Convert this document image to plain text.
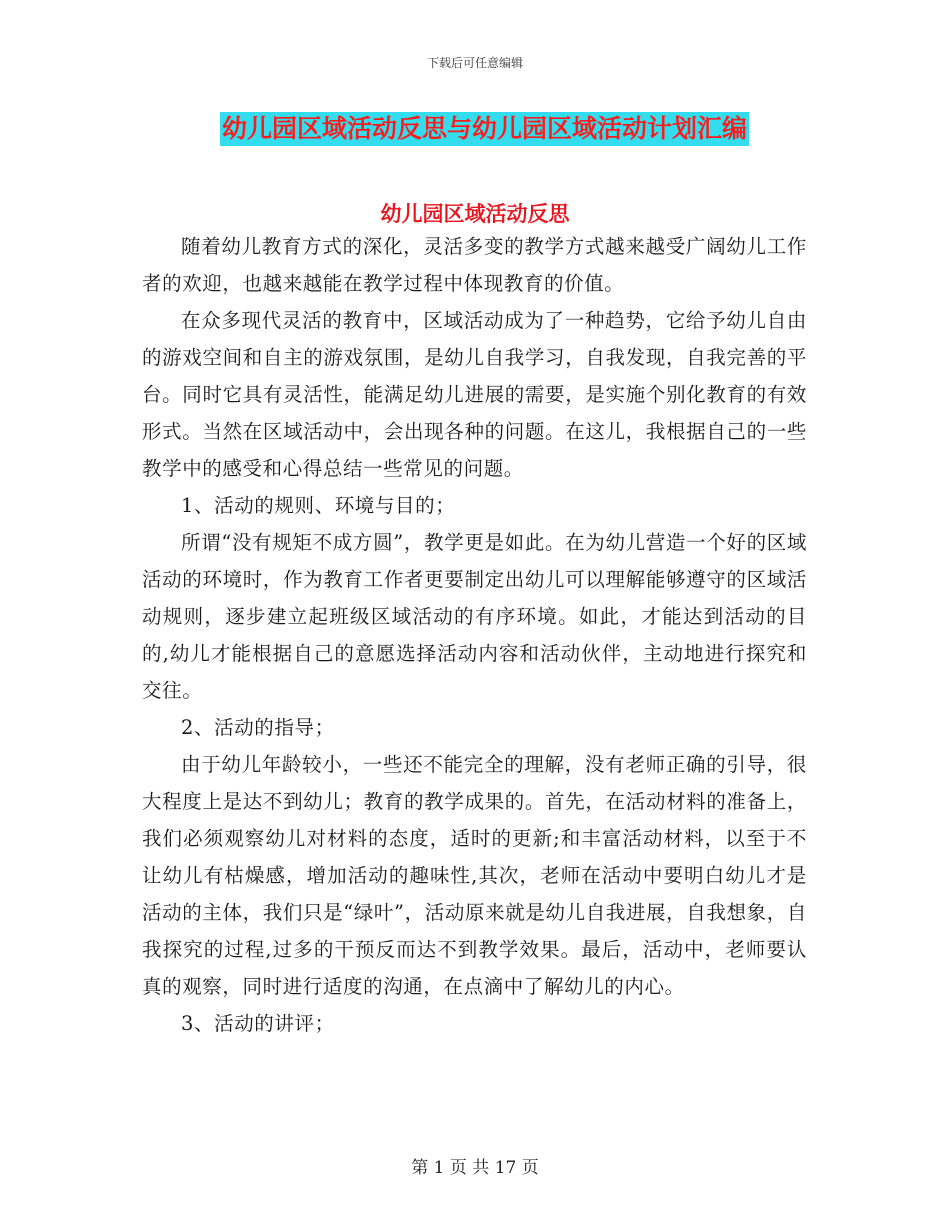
下载后可任意编辑
幼儿园区域活动反思与幼儿园区域活动计划汇编
幼儿园区域活动反思

随着幼儿教育方式的深化，灵活多变的教学方式越来越受广阔幼儿工作者的欢迎，也越来越能在教学过程中体现教育的价值。

在众多现代灵活的教育中，区域活动成为了一种趋势，它给予幼儿自由的游戏空间和自主的游戏氛围，是幼儿自我学习，自我发现，自我完善的平台。同时它具有灵活性，能满足幼儿进展的需要，是实施个别化教育的有效形式。当然在区域活动中，会出现各种的问题。在这儿，我根据自己的一些教学中的感受和心得总结一些常见的问题。

1、活动的规则、环境与目的；

所谓“没有规矩不成方圆”，教学更是如此。在为幼儿营造一个好的区域活动的环境时，作为教育工作者更要制定出幼儿可以理解能够遵守的区域活动规则，逐步建立起班级区域活动的有序环境。如此，才能达到活动的目的,幼儿才能根据自己的意愿选择活动内容和活动伙伴，主动地进行探究和交往。

2、活动的指导；

由于幼儿年龄较小，一些还不能完全的理解，没有老师正确的引导，很大程度上是达不到幼儿；教育的教学成果的。首先，在活动材料的准备上，我们必须观察幼儿对材料的态度，适时的更新;和丰富活动材料，以至于不让幼儿有枯燥感，增加活动的趣味性,其次，老师在活动中要明白幼儿才是活动的主体，我们只是“绿叶”，活动原来就是幼儿自我进展，自我想象，自我探究的过程,过多的干预反而达不到教学效果。最后，活动中，老师要认真的观察，同时进行适度的沟通，在点滴中了解幼儿的内心。

3、活动的讲评；

第 1 页 共 17 页
